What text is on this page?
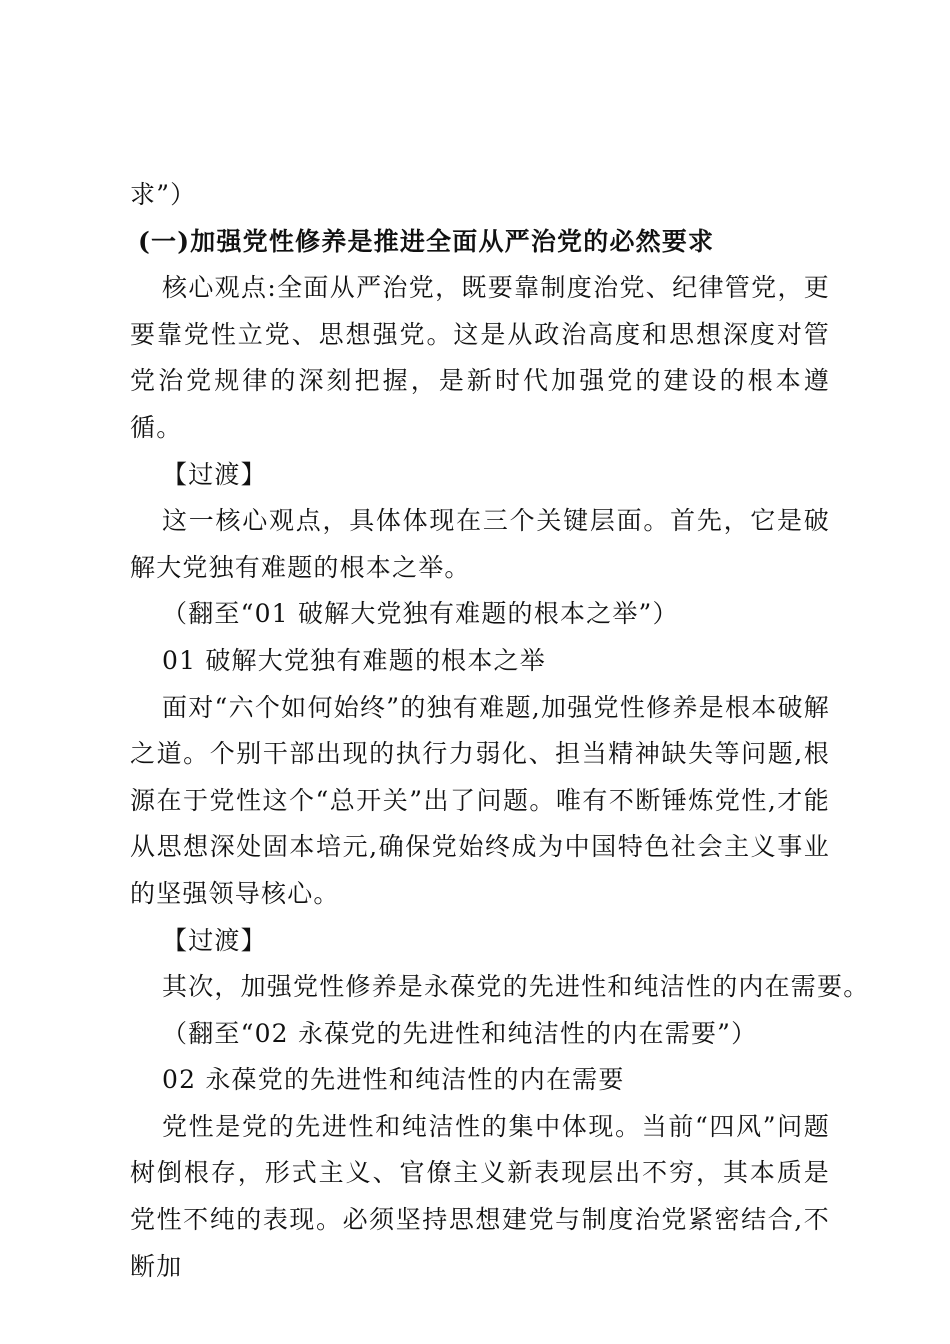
求”）

(一)加强党性修养是推进全面从严治党的必然要求

核心观点:全面从严治党，既要靠制度治党、纪律管党，更要靠党性立党、思想强党。这是从政治高度和思想深度对管党治党规律的深刻把握，是新时代加强党的建设的根本遵循。

【过渡】

这一核心观点，具体体现在三个关键层面。首先，它是破解大党独有难题的根本之举。

（翻至“01 破解大党独有难题的根本之举”）

01 破解大党独有难题的根本之举

面对“六个如何始终”的独有难题,加强党性修养是根本破解之道。个别干部出现的执行力弱化、担当精神缺失等问题,根源在于党性这个“总开关”出了问题。唯有不断锤炼党性,才能从思想深处固本培元,确保党始终成为中国特色社会主义事业的坚强领导核心。

【过渡】

其次，加强党性修养是永葆党的先进性和纯洁性的内在需要。

（翻至“02 永葆党的先进性和纯洁性的内在需要”）

02 永葆党的先进性和纯洁性的内在需要

党性是党的先进性和纯洁性的集中体现。当前“四风”问题树倒根存，形式主义、官僚主义新表现层出不穷，其本质是党性不纯的表现。必须坚持思想建党与制度治党紧密结合,不断加
